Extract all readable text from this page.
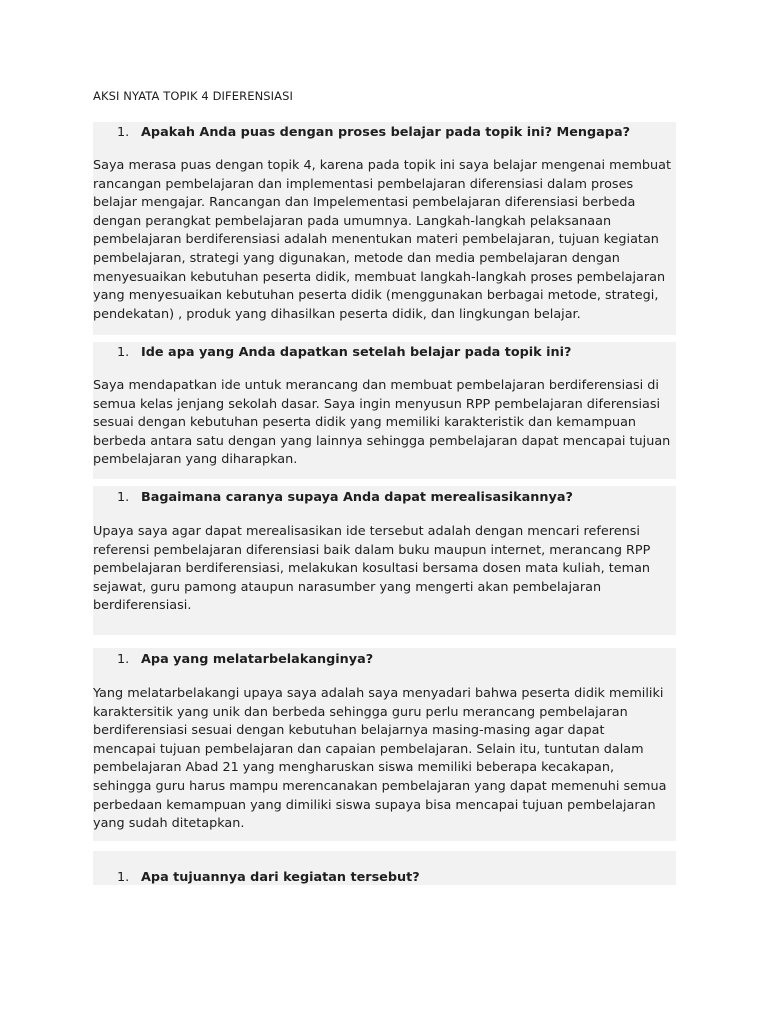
AKSI NYATA TOPIK 4 DIFERENSIASI
1. Apakah Anda puas dengan proses belajar pada topik ini? Mengapa?
Saya merasa puas dengan topik 4, karena pada topik ini saya belajar mengenai membuat
rancangan pembelajaran dan implementasi pembelajaran diferensiasi dalam proses
belajar mengajar. Rancangan dan Impelementasi pembelajaran diferensiasi berbeda
dengan perangkat pembelajaran pada umumnya. Langkah-langkah pelaksanaan
pembelajaran berdiferensiasi adalah menentukan materi pembelajaran, tujuan kegiatan
pembelajaran, strategi yang digunakan, metode dan media pembelajaran dengan
menyesuaikan kebutuhan peserta didik, membuat langkah-langkah proses pembelajaran
yang menyesuaikan kebutuhan peserta didik (menggunakan berbagai metode, strategi,
pendekatan) , produk yang dihasilkan peserta didik, dan lingkungan belajar.
1. Ide apa yang Anda dapatkan setelah belajar pada topik ini?
Saya mendapatkan ide untuk merancang dan membuat pembelajaran berdiferensiasi di
semua kelas jenjang sekolah dasar. Saya ingin menyusun RPP pembelajaran diferensiasi
sesuai dengan kebutuhan peserta didik yang memiliki karakteristik dan kemampuan
berbeda antara satu dengan yang lainnya sehingga pembelajaran dapat mencapai tujuan
pembelajaran yang diharapkan.
1. Bagaimana caranya supaya Anda dapat merealisasikannya?
Upaya saya agar dapat merealisasikan ide tersebut adalah dengan mencari referensi
referensi pembelajaran diferensiasi baik dalam buku maupun internet, merancang RPP
pembelajaran berdiferensiasi, melakukan kosultasi bersama dosen mata kuliah, teman
sejawat, guru pamong ataupun narasumber yang mengerti akan pembelajaran
berdiferensiasi.
1. Apa yang melatarbelakanginya?
Yang melatarbelakangi upaya saya adalah saya menyadari bahwa peserta didik memiliki
karaktersitik yang unik dan berbeda sehingga guru perlu merancang pembelajaran
berdiferensiasi sesuai dengan kebutuhan belajarnya masing-masing agar dapat
mencapai tujuan pembelajaran dan capaian pembelajaran. Selain itu, tuntutan dalam
pembelajaran Abad 21 yang mengharuskan siswa memiliki beberapa kecakapan,
sehingga guru harus mampu merencanakan pembelajaran yang dapat memenuhi semua
perbedaan kemampuan yang dimiliki siswa supaya bisa mencapai tujuan pembelajaran
yang sudah ditetapkan.
1. Apa tujuannya dari kegiatan tersebut?
